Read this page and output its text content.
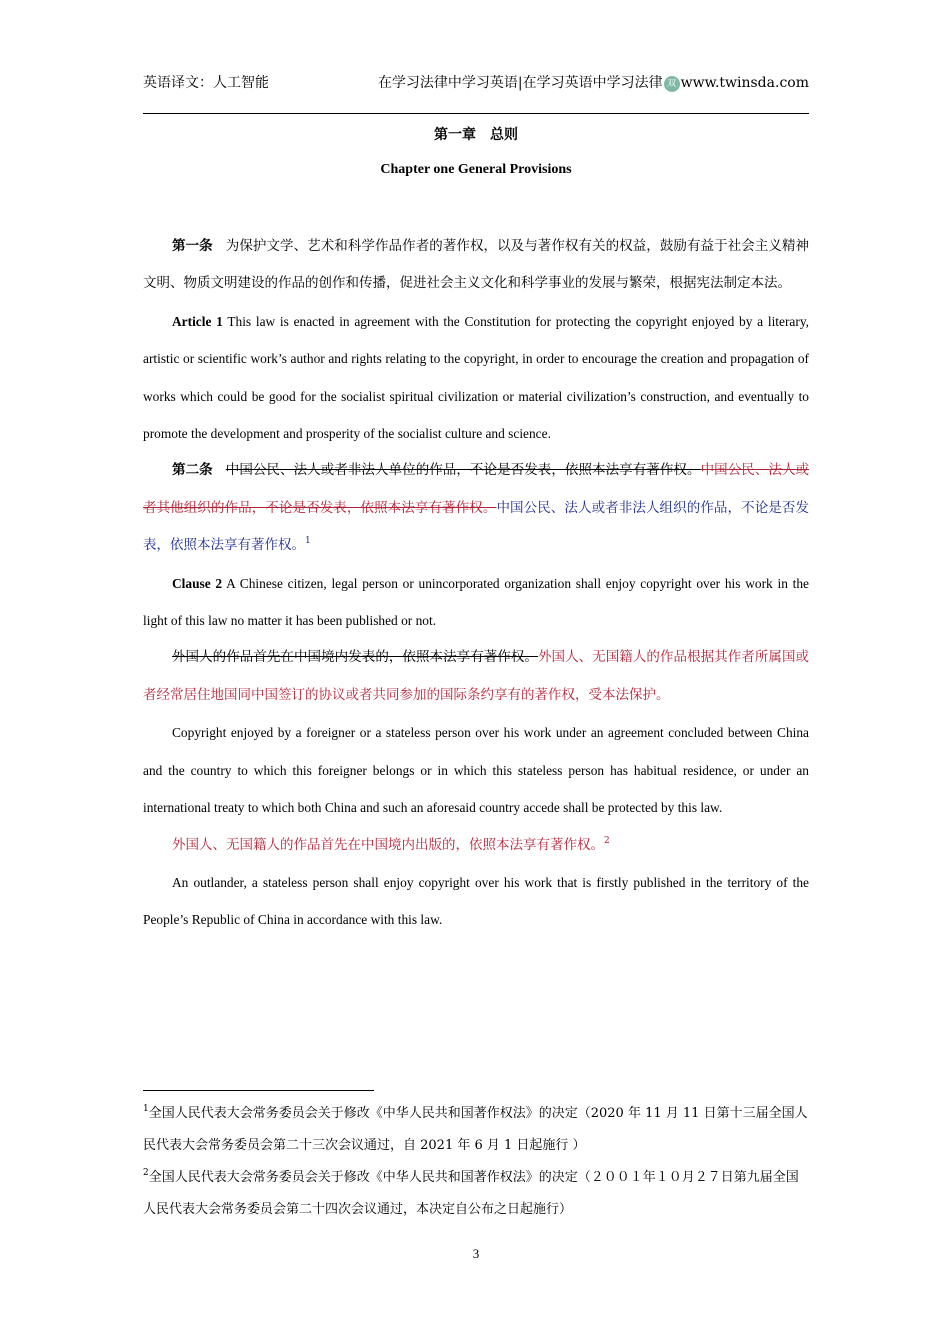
英语译文：人工智能	在学习法律中学习英语|在学习英语中学习法律 双 www.twinsda.com
第一章　总则
Chapter one General Provisions

第一条 为保护文学、艺术和科学作品作者的著作权，以及与著作权有关的权益，鼓励有益于社会主义精神文明、物质文明建设的作品的创作和传播，促进社会主义文化和科学事业的发展与繁荣，根据宪法制定本法。

Article 1 This law is enacted in agreement with the Constitution for protecting the copyright enjoyed by a literary, artistic or scientific work’s author and rights relating to the copyright, in order to encourage the creation and propagation of works which could be good for the socialist spiritual civilization or material civilization’s construction, and eventually to promote the development and prosperity of the socialist culture and science.

第二条 中国公民、法人或者非法人单位的作品，不论是否发表，依照本法享有著作权。中国公民、法人或者其他组织的作品，不论是否发表，依照本法享有著作权。中国公民、法人或者非法人组织的作品，不论是否发表，依照本法享有著作权。$^1$

Clause 2 A Chinese citizen, legal person or unincorporated organization shall enjoy copyright over his work in the light of this law no matter it has been published or not.

外国人的作品首先在中国境内发表的，依照本法享有著作权。外国人、无国籍人的作品根据其作者所属国或者经常居住地国同中国签订的协议或者共同参加的国际条约享有的著作权，受本法保护。

Copyright enjoyed by a foreigner or a stateless person over his work under an agreement concluded between China and the country to which this foreigner belongs or in which this stateless person has habitual residence, or under an international treaty to which both China and such an aforesaid country accede shall be protected by this law.

外国人、无国籍人的作品首先在中国境内出版的，依照本法享有著作权。$^2$

An outlander, a stateless person shall enjoy copyright over his work that is firstly published in the territory of the People’s Republic of China in accordance with this law.

$^1$全国人民代表大会常务委员会关于修改《中华人民共和国著作权法》的决定（2020 年 11 月 11 日第十三届全国人民代表大会常务委员会第二十三次会议通过，自 2021 年 6 月 1 日起施行 ）

$^2$全国人民代表大会常务委员会关于修改《中华人民共和国著作权法》的决定（２００１年１０月２７日第九届全国人民代表大会常务委员会第二十四次会议通过，本决定自公布之日起施行）

3
